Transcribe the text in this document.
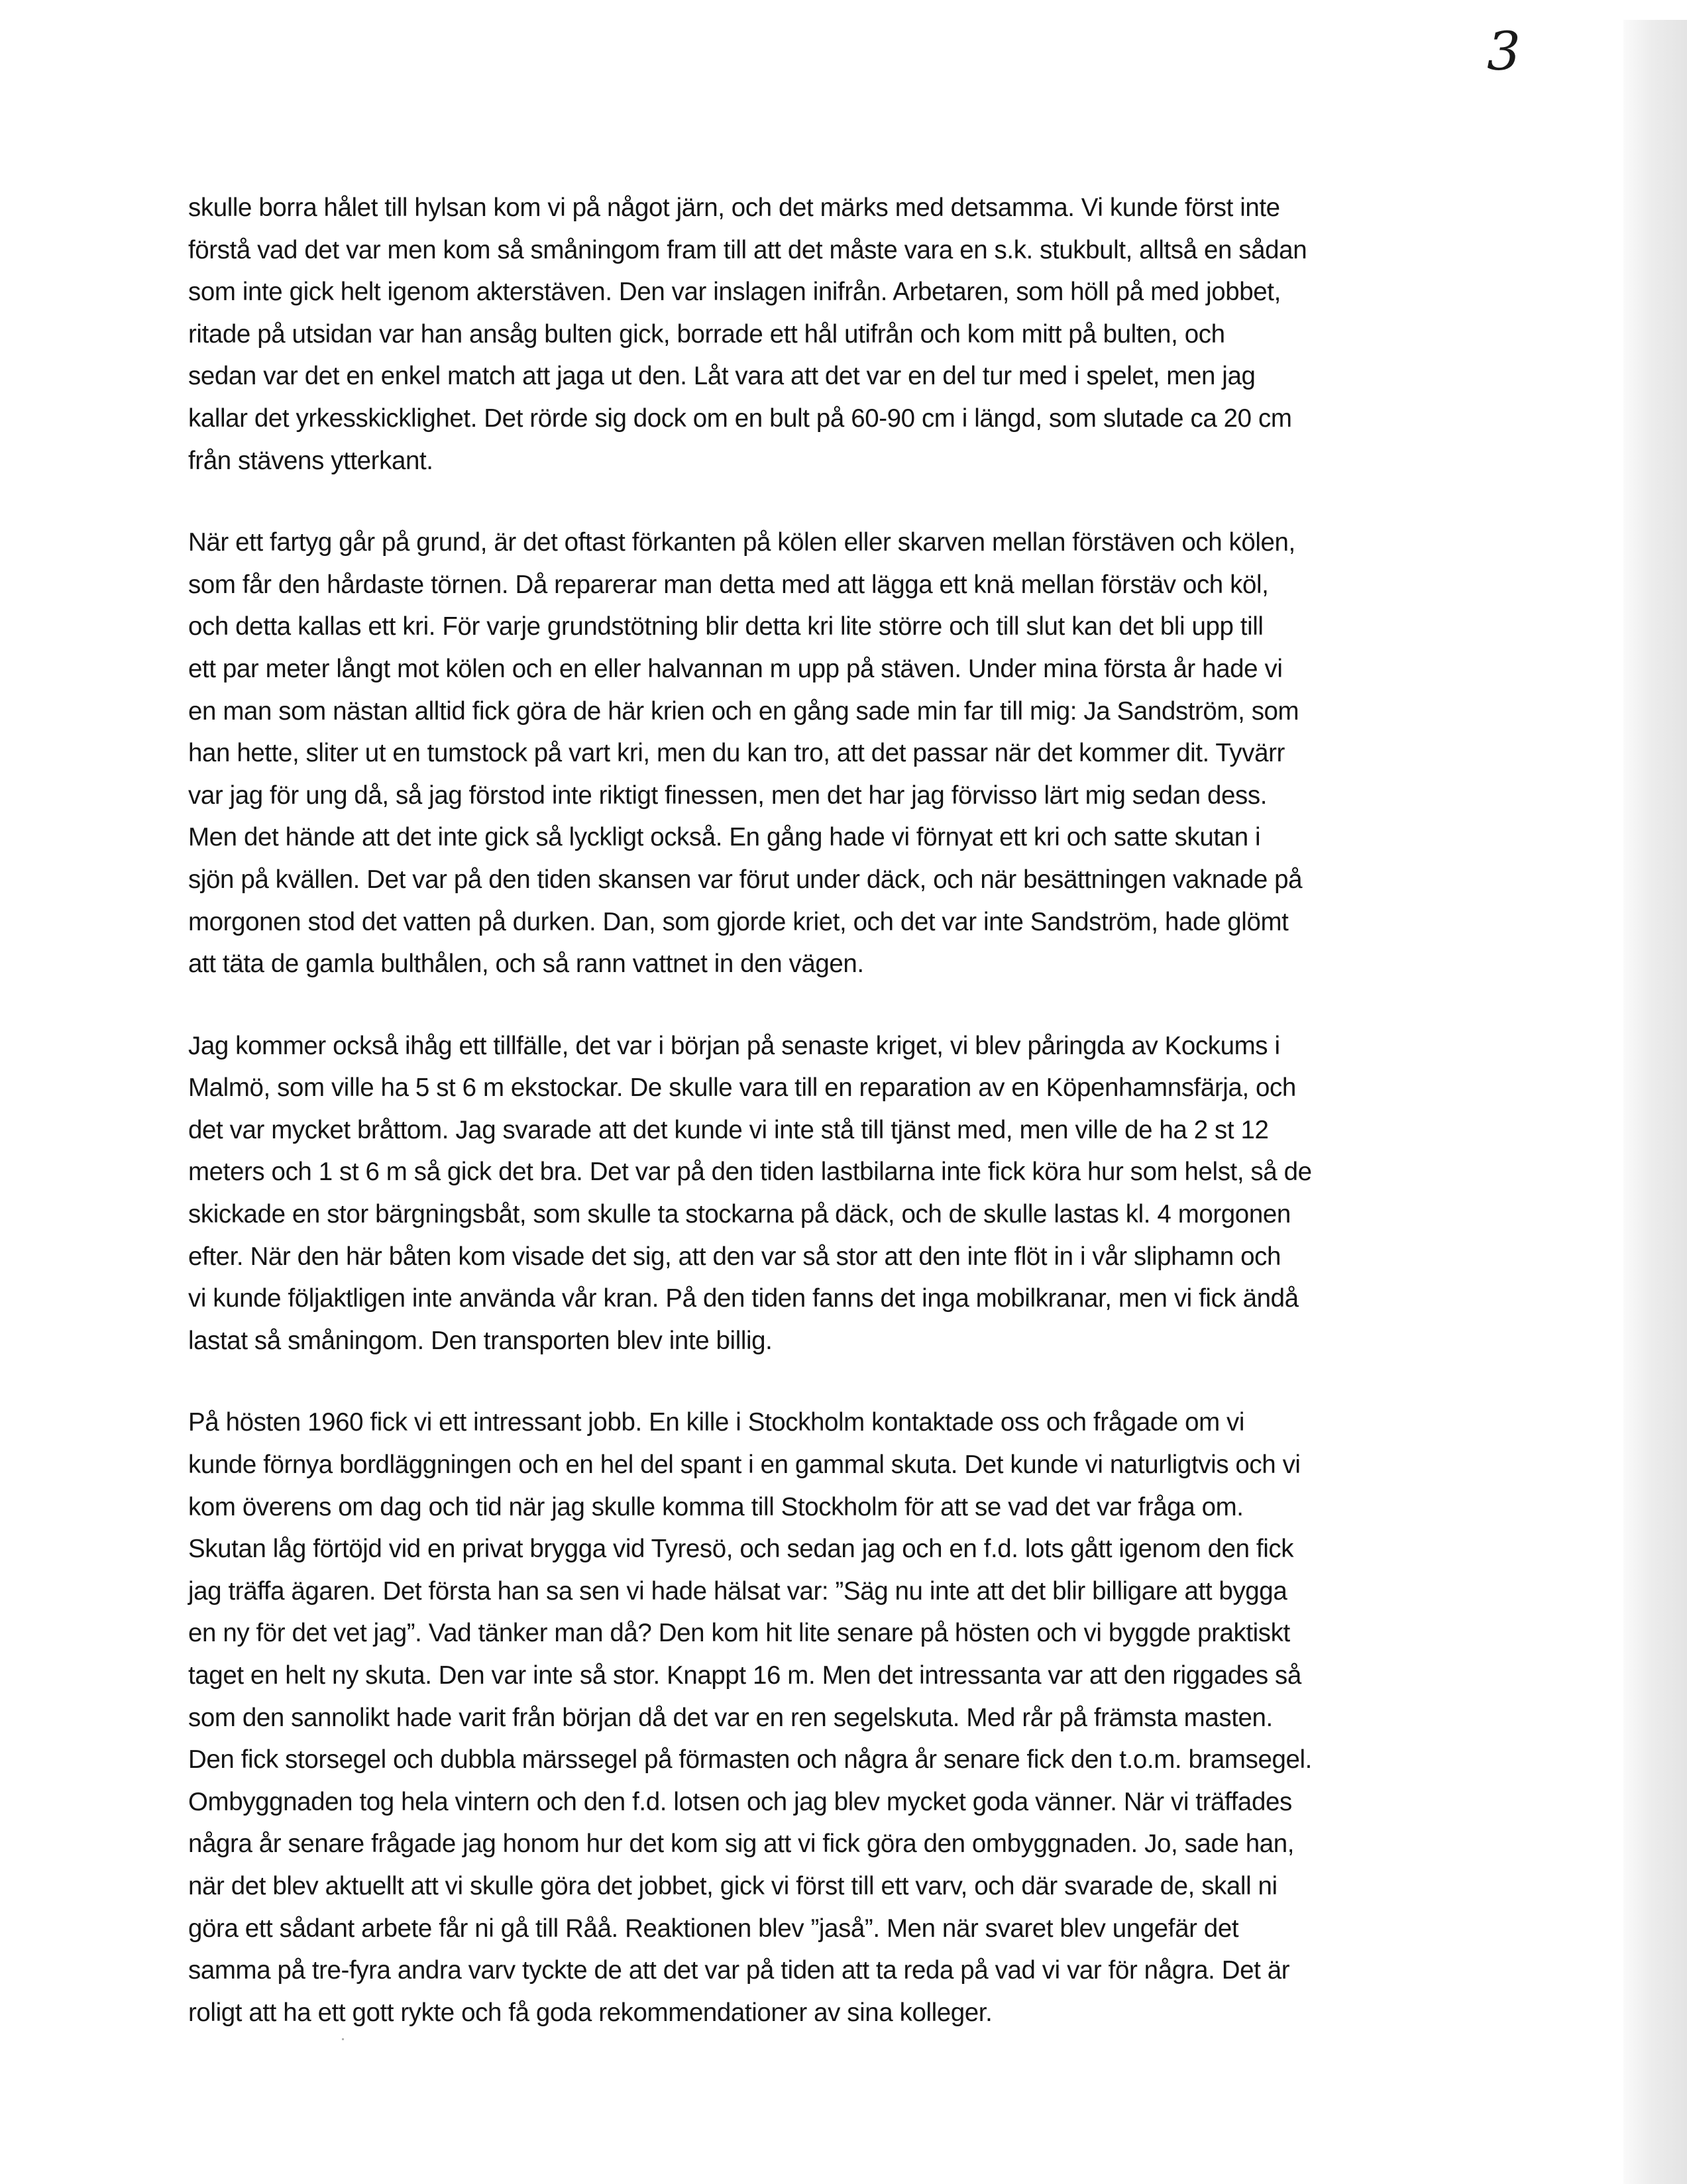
3
skulle borra hålet till hylsan kom vi på något järn, och det märks med detsamma. Vi kunde först inte
förstå vad det var men kom så småningom fram till att det måste vara en s.k. stukbult, alltså en sådan
som inte gick helt igenom akterstäven. Den var inslagen inifrån. Arbetaren, som höll på med jobbet,
ritade på utsidan var han ansåg bulten gick, borrade ett hål utifrån och kom mitt på bulten, och
sedan var det en enkel match att jaga ut den. Låt vara att det var en del tur med i spelet, men jag
kallar det yrkesskicklighet. Det rörde sig dock om en bult på 60-90 cm i längd, som slutade ca 20 cm
från stävens ytterkant.
När ett fartyg går på grund, är det oftast förkanten på kölen eller skarven mellan förstäven och kölen,
som får den hårdaste törnen. Då reparerar man detta med att lägga ett knä mellan förstäv och köl,
och detta kallas ett kri. För varje grundstötning blir detta kri lite större och till slut kan det bli upp till
ett par meter långt mot kölen och en eller halvannan m upp på stäven. Under mina första år hade vi
en man som nästan alltid fick göra de här krien och en gång sade min far till mig: Ja Sandström, som
han hette, sliter ut en tumstock på vart kri, men du kan tro, att det passar när det kommer dit. Tyvärr
var jag för ung då, så jag förstod inte riktigt finessen, men det har jag förvisso lärt mig sedan dess.
Men det hände att det inte gick så lyckligt också. En gång hade vi förnyat ett kri och satte skutan i
sjön på kvällen. Det var på den tiden skansen var förut under däck, och när besättningen vaknade på
morgonen stod det vatten på durken. Dan, som gjorde kriet, och det var inte Sandström, hade glömt
att täta de gamla bulthålen, och så rann vattnet in den vägen.
Jag kommer också ihåg ett tillfälle, det var i början på senaste kriget, vi blev påringda av Kockums i
Malmö, som ville ha 5 st 6 m ekstockar. De skulle vara till en reparation av en Köpenhamnsfärja, och
det var mycket bråttom. Jag svarade att det kunde vi inte stå till tjänst med, men ville de ha 2 st 12
meters och 1 st 6 m så gick det bra. Det var på den tiden lastbilarna inte fick köra hur som helst, så de
skickade en stor bärgningsbåt, som skulle ta stockarna på däck, och de skulle lastas kl. 4 morgonen
efter. När den här båten kom visade det sig, att den var så stor att den inte flöt in i vår sliphamn och
vi kunde följaktligen inte använda vår kran. På den tiden fanns det inga mobilkranar, men vi fick ändå
lastat så småningom. Den transporten blev inte billig.
På hösten 1960 fick vi ett intressant jobb. En kille i Stockholm kontaktade oss och frågade om vi
kunde förnya bordläggningen och en hel del spant i en gammal skuta. Det kunde vi naturligtvis och vi
kom överens om dag och tid när jag skulle komma till Stockholm för att se vad det var fråga om.
Skutan låg förtöjd vid en privat brygga vid Tyresö, och sedan jag och en f.d. lots gått igenom den fick
jag träffa ägaren. Det första han sa sen vi hade hälsat var: ”Säg nu inte att det blir billigare att bygga
en ny för det vet jag”. Vad tänker man då? Den kom hit lite senare på hösten och vi byggde praktiskt
taget en helt ny skuta. Den var inte så stor. Knappt 16 m. Men det intressanta var att den riggades så
som den sannolikt hade varit från början då det var en ren segelskuta. Med rår på främsta masten.
Den fick storsegel och dubbla märssegel på förmasten och några år senare fick den t.o.m. bramsegel.
Ombyggnaden tog hela vintern och den f.d. lotsen och jag blev mycket goda vänner. När vi träffades
några år senare frågade jag honom hur det kom sig att vi fick göra den ombyggnaden. Jo, sade han,
när det blev aktuellt att vi skulle göra det jobbet, gick vi först till ett varv, och där svarade de, skall ni
göra ett sådant arbete får ni gå till Råå. Reaktionen blev ”jaså”. Men när svaret blev ungefär det
samma på tre-fyra andra varv tyckte de att det var på tiden att ta reda på vad vi var för några. Det är
roligt att ha ett gott rykte och få goda rekommendationer av sina kolleger.
